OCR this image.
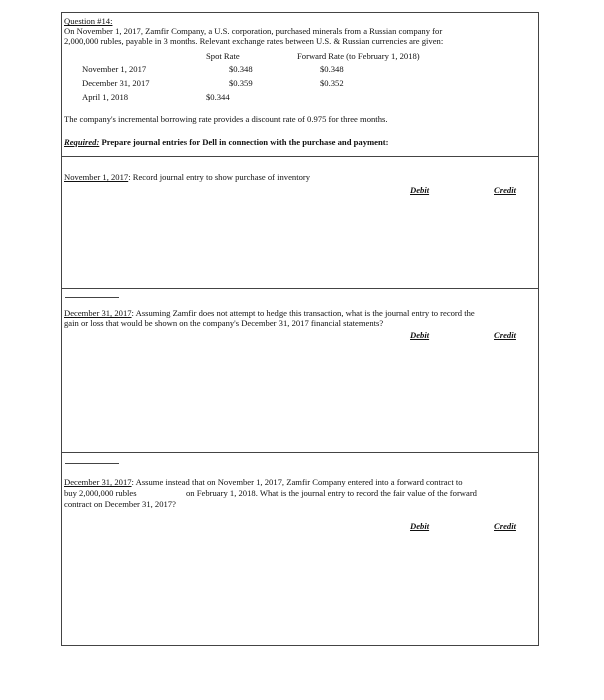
Question #14:
On November 1, 2017, Zamfir Company, a U.S. corporation, purchased minerals from a Russian company for
2,000,000 rubles, payable in 3 months. Relevant exchange rates between U.S. & Russian currencies are given:
Spot Rate	Forward Rate (to February 1, 2018)
November 1, 2017	$0.348	$0.348
December 31, 2017	$0.359	$0.352
April 1, 2018	$0.344
The company's incremental borrowing rate provides a discount rate of 0.975 for three months.
Required: Prepare journal entries for Dell in connection with the purchase and payment:
November 1, 2017: Record journal entry to show purchase of inventory
Debit	Credit
December 31, 2017: Assuming Zamfir does not attempt to hedge this transaction, what is the journal entry to record the
gain or loss that would be shown on the company's December 31, 2017 financial statements?
Debit	Credit
December 31, 2017: Assume instead that on November 1, 2017, Zamfir Company entered into a forward contract to
buy 2,000,000 rubles	on February 1, 2018. What is the journal entry to record the fair value of the forward
contract on December 31, 2017?
Debit	Credit
